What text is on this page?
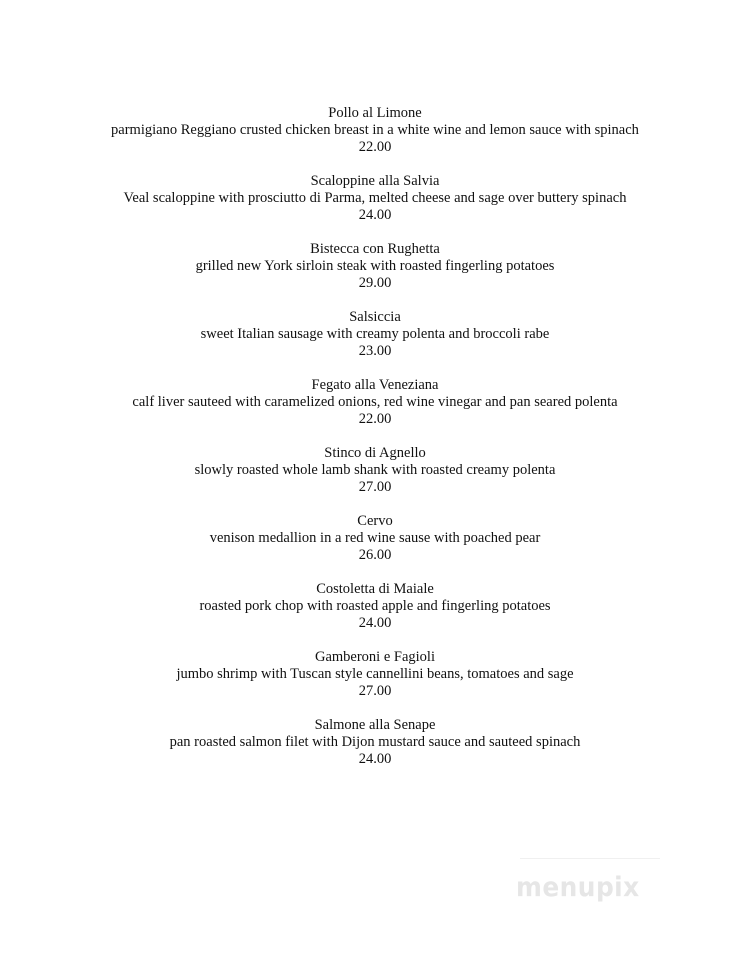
Pollo al Limone
parmigiano Reggiano crusted chicken breast in a white wine and lemon sauce with spinach
22.00
Scaloppine alla Salvia
Veal scaloppine with prosciutto di Parma, melted cheese and sage over buttery spinach
24.00
Bistecca con Rughetta
grilled new York sirloin steak with roasted fingerling potatoes
29.00
Salsiccia
sweet Italian sausage with creamy polenta and broccoli rabe
23.00
Fegato alla Veneziana
calf liver sauteed with caramelized onions, red wine vinegar and pan seared polenta
22.00
Stinco di Agnello
slowly roasted whole lamb shank with roasted creamy polenta
27.00
Cervo
venison medallion in a red wine sause with poached pear
26.00
Costoletta di Maiale
roasted pork chop with roasted apple and fingerling potatoes
24.00
Gamberoni e Fagioli
jumbo shrimp with Tuscan style cannellini beans, tomatoes and sage
27.00
Salmone alla Senape
pan roasted salmon filet with Dijon mustard sauce and sauteed spinach
24.00
menupix
